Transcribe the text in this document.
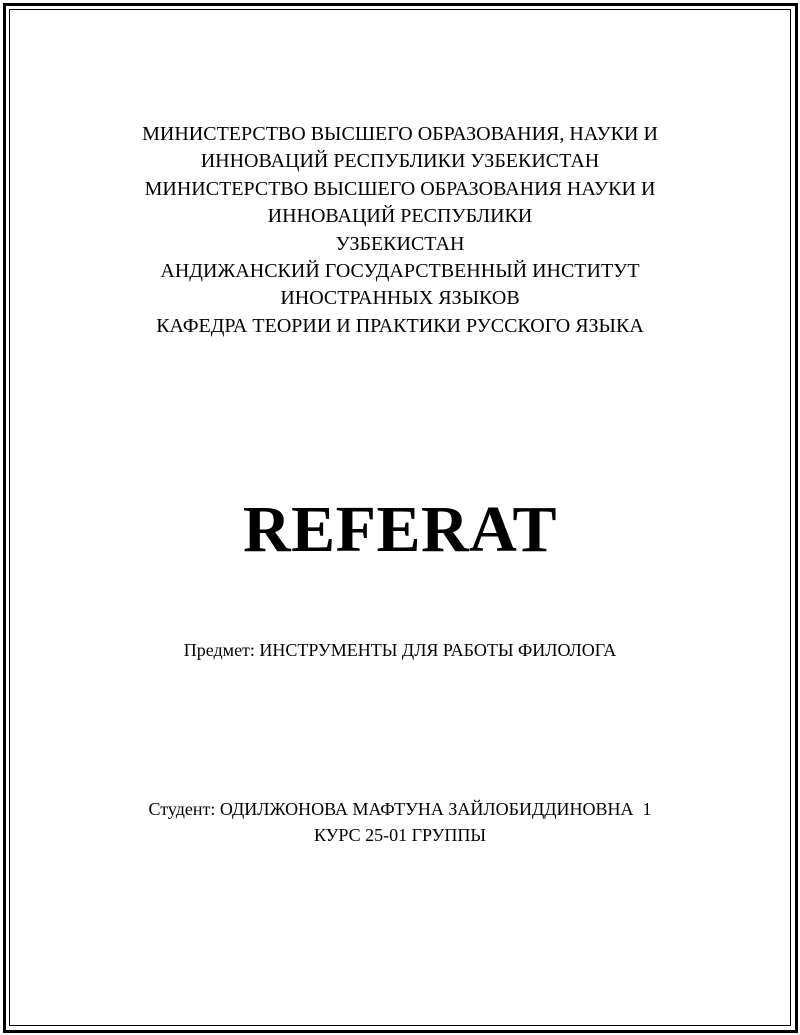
МИНИСТЕРСТВО ВЫСШЕГО ОБРАЗОВАНИЯ, НАУКИ И
ИННОВАЦИЙ РЕСПУБЛИКИ УЗБЕКИСТАН
МИНИСТЕРСТВО ВЫСШЕГО ОБРАЗОВАНИЯ НАУКИ И
ИННОВАЦИЙ РЕСПУБЛИКИ
УЗБЕКИСТАН
АНДИЖАНСКИЙ ГОСУДАРСТВЕННЫЙ ИНСТИТУТ
ИНОСТРАННЫХ ЯЗЫКОВ
КАФЕДРА ТЕОРИИ И ПРАКТИКИ РУССКОГО ЯЗЫКА
REFERAT
Предмет: ИНСТРУМЕНТЫ ДЛЯ РАБОТЫ ФИЛОЛОГА
Студент: ОДИЛЖОНОВА МАФТУНА ЗАЙЛОБИДДИНОВНА  1
КУРС 25-01 ГРУППЫ
